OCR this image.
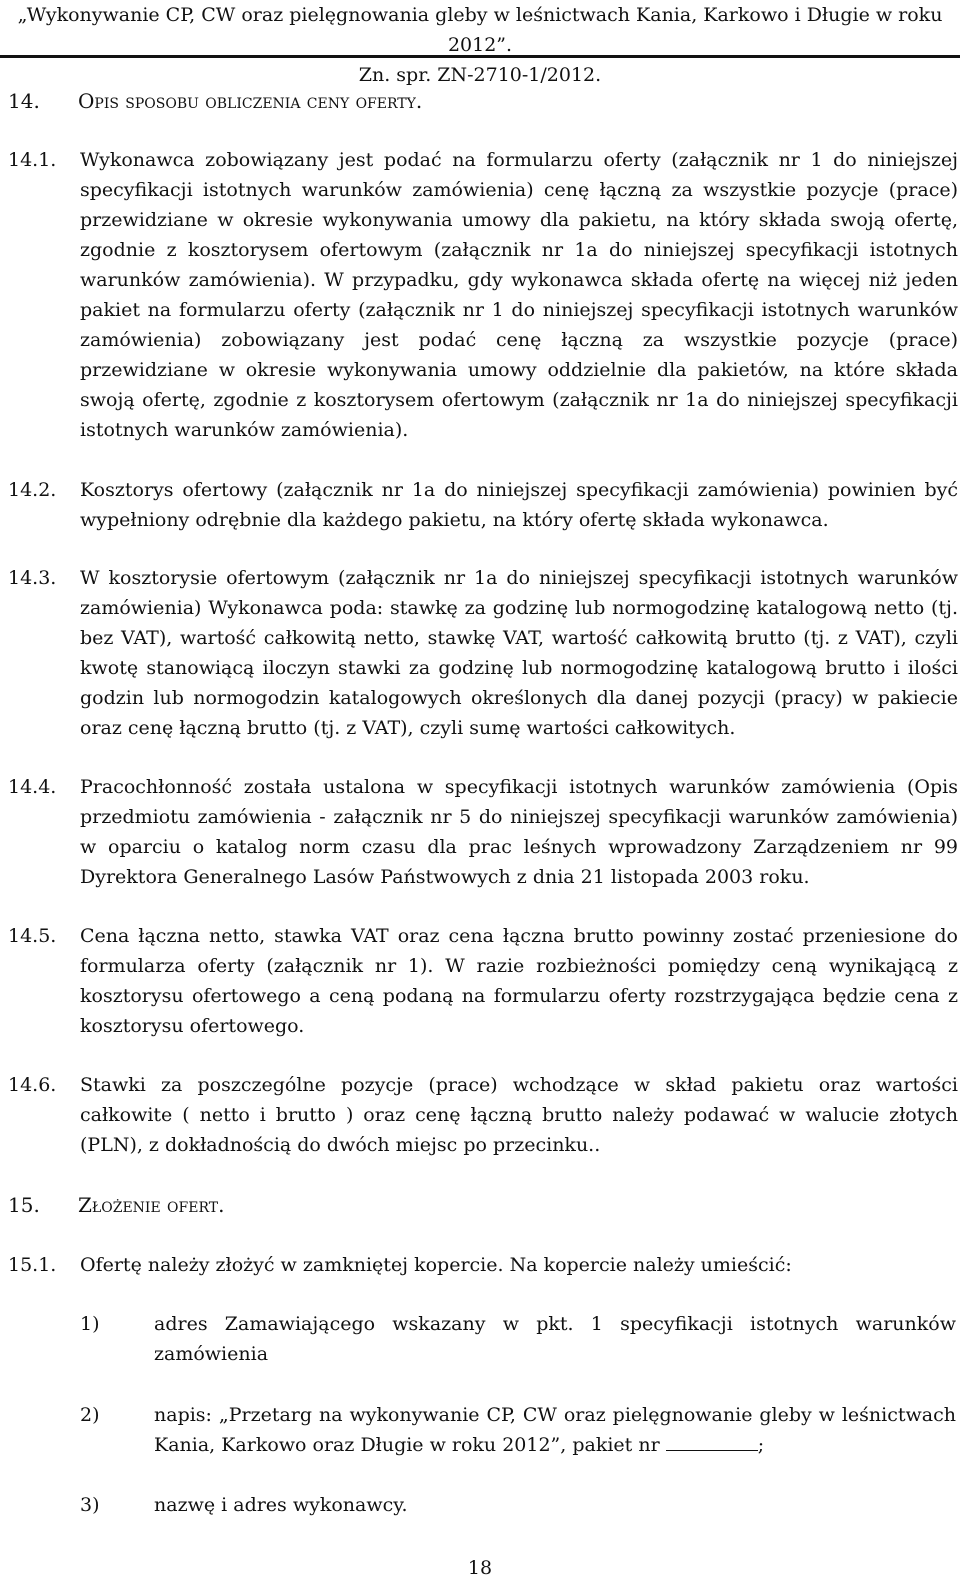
„Wykonywanie CP, CW oraz pielęgnowania gleby w leśnictwach Kania, Karkowo i Długie w roku 2012”.
Zn. spr. ZN-2710-1/2012.
14. Opis sposobu obliczenia ceny oferty.
14.1. Wykonawca zobowiązany jest podać na formularzu oferty (załącznik nr 1 do niniejszej specyfikacji istotnych warunków zamówienia) cenę łączną za wszystkie pozycje (prace) przewidziane w okresie wykonywania umowy dla pakietu, na który składa swoją ofertę, zgodnie z kosztorysem ofertowym (załącznik nr 1a do niniejszej specyfikacji istotnych warunków zamówienia). W przypadku, gdy wykonawca składa ofertę na więcej niż jeden pakiet na formularzu oferty (załącznik nr 1 do niniejszej specyfikacji istotnych warunków zamówienia) zobowiązany jest podać cenę łączną za wszystkie pozycje (prace) przewidziane w okresie wykonywania umowy oddzielnie dla pakietów, na które składa swoją ofertę, zgodnie z kosztorysem ofertowym (załącznik nr 1a do niniejszej specyfikacji istotnych warunków zamówienia).
14.2. Kosztorys ofertowy (załącznik nr 1a do niniejszej specyfikacji zamówienia) powinien być wypełniony odrębnie dla każdego pakietu, na który ofertę składa wykonawca.
14.3. W kosztorysie ofertowym (załącznik nr 1a do niniejszej specyfikacji istotnych warunków zamówienia) Wykonawca poda: stawkę za godzinę lub normogodzinę katalogową netto (tj. bez VAT), wartość całkowitą netto, stawkę VAT, wartość całkowitą brutto (tj. z VAT), czyli kwotę stanowiącą iloczyn stawki za godzinę lub normogodzinę katalogową brutto i ilości godzin lub normogodzin katalogowych określonych dla danej pozycji (pracy) w pakiecie oraz cenę łączną brutto (tj. z VAT), czyli sumę wartości całkowitych.
14.4. Pracochłonność została ustalona w specyfikacji istotnych warunków zamówienia (Opis przedmiotu zamówienia - załącznik nr 5 do niniejszej specyfikacji warunków zamówienia) w oparciu o katalog norm czasu dla prac leśnych wprowadzony Zarządzeniem nr 99 Dyrektora Generalnego Lasów Państwowych z dnia 21 listopada 2003 roku.
14.5. Cena łączna netto, stawka VAT oraz cena łączna brutto powinny zostać przeniesione do formularza oferty (załącznik nr 1). W razie rozbieżności pomiędzy ceną wynikającą z kosztorysu ofertowego a ceną podaną na formularzu oferty rozstrzygająca będzie cena z kosztorysu ofertowego.
14.6. Stawki za poszczególne pozycje (prace) wchodzące w skład pakietu oraz wartości całkowite ( netto i brutto ) oraz cenę łączną brutto należy podawać w walucie złotych (PLN), z dokładnością do dwóch miejsc po przecinku..
15. Złożenie ofert.
15.1. Ofertę należy złożyć w zamkniętej kopercie. Na kopercie należy umieścić:
1)	adres Zamawiającego wskazany w pkt. 1 specyfikacji istotnych warunków zamówienia
2)	napis: „Przetarg na wykonywanie CP, CW oraz pielęgnowanie gleby w leśnictwach Kania, Karkowo oraz Długie w roku 2012”, pakiet nr	;
3)	nazwę i adres wykonawcy.
18
